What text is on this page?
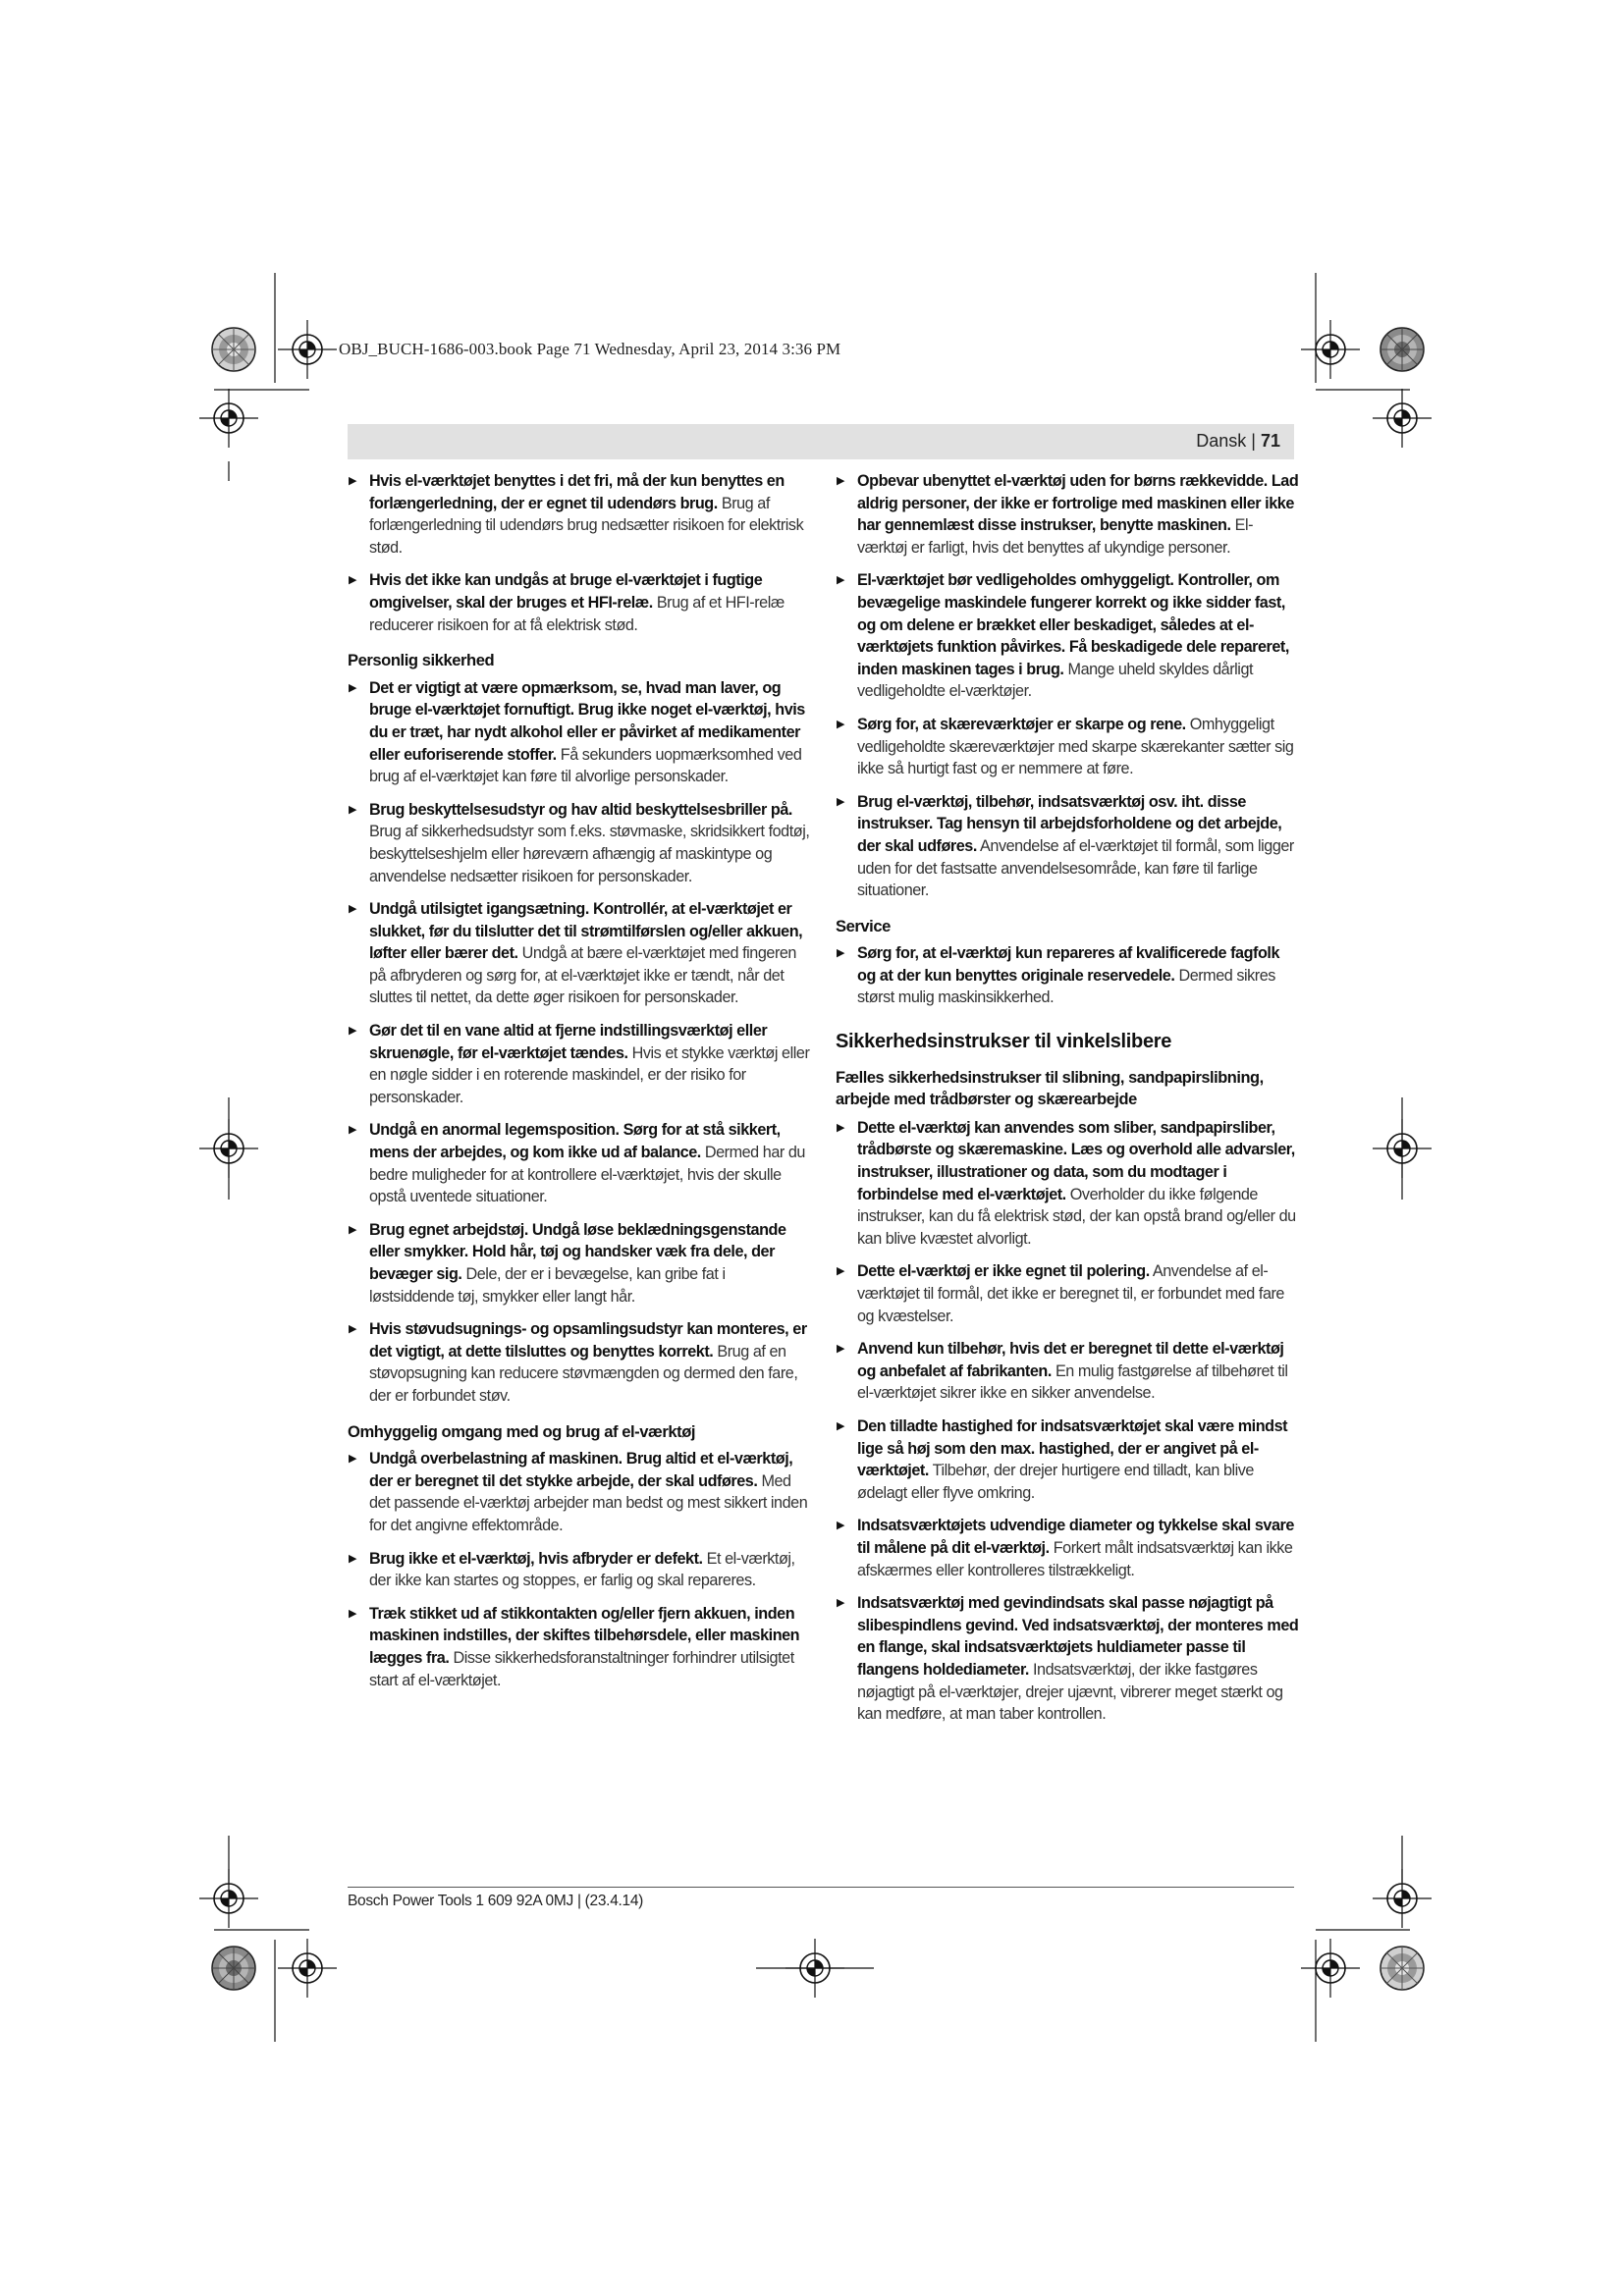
OBJ_BUCH-1686-003.book Page 71 Wednesday, April 23, 2014 3:36 PM
Dansk | 71
▶ Hvis el-værktøjet benyttes i det fri, må der kun benyttes en forlængerledning, der er egnet til udendørs brug. Brug af forlængerledning til udendørs brug nedsætter risikoen for elektrisk stød.
▶ Hvis det ikke kan undgås at bruge el-værktøjet i fugtige omgivelser, skal der bruges et HFI-relæ. Brug af et HFI-relæ reducerer risikoen for at få elektrisk stød.
Personlig sikkerhed
▶ Det er vigtigt at være opmærksom, se, hvad man laver, og bruge el-værktøjet fornuftigt. Brug ikke noget el-værktøj, hvis du er træt, har nydt alkohol eller er påvirket af medikamenter eller euforiserende stoffer. Få sekunders uopmærksomhed ved brug af el-værktøjet kan føre til alvorlige personskader.
▶ Brug beskyttelsesudstyr og hav altid beskyttelsesbriller på. Brug af sikkerhedsudstyr som f.eks. støvmaske, skridsikkert fodtøj, beskyttelseshjelm eller høreværn afhængig af maskintype og anvendelse nedsætter risikoen for personskader.
▶ Undgå utilsigtet igangsætning. Kontrollér, at el-værktøjet er slukket, før du tilslutter det til strømtilførslen og/eller akkuen, løfter eller bærer det. Undgå at bære el-værktøjet med fingeren på afbryderen og sørg for, at el-værktøjet ikke er tændt, når det sluttes til nettet, da dette øger risikoen for personskader.
▶ Gør det til en vane altid at fjerne indstillingsværktøj eller skruenøgle, før el-værktøjet tændes. Hvis et stykke værktøj eller en nøgle sidder i en roterende maskindel, er der risiko for personskader.
▶ Undgå en anormal legemsposition. Sørg for at stå sikkert, mens der arbejdes, og kom ikke ud af balance. Dermed har du bedre muligheder for at kontrollere el-værktøjet, hvis der skulle opstå uventede situationer.
▶ Brug egnet arbejdstøj. Undgå løse beklædningsgenstande eller smykker. Hold hår, tøj og handsker væk fra dele, der bevæger sig. Dele, der er i bevægelse, kan gribe fat i løstsiddende tøj, smykker eller langt hår.
▶ Hvis støvudsugnings- og opsamlingsudstyr kan monteres, er det vigtigt, at dette tilsluttes og benyttes korrekt. Brug af en støvopsugning kan reducere støvmængden og dermed den fare, der er forbundet støv.
Omhyggelig omgang med og brug af el-værktøj
▶ Undgå overbelastning af maskinen. Brug altid et el-værktøj, der er beregnet til det stykke arbejde, der skal udføres. Med det passende el-værktøj arbejder man bedst og mest sikkert inden for det angivne effektområde.
▶ Brug ikke et el-værktøj, hvis afbryder er defekt. Et el-værktøj, der ikke kan startes og stoppes, er farlig og skal repareres.
▶ Træk stikket ud af stikkontakten og/eller fjern akkuen, inden maskinen indstilles, der skiftes tilbehørsdele, eller maskinen lægges fra. Disse sikkerhedsforanstaltninger forhindrer utilsigtet start af el-værktøjet.
▶ Opbevar ubenyttet el-værktøj uden for børns rækkevidde. Lad aldrig personer, der ikke er fortrolige med maskinen eller ikke har gennemlæst disse instrukser, benytte maskinen. El-værktøj er farligt, hvis det benyttes af ukyndige personer.
▶ El-værktøjet bør vedligeholdes omhyggeligt. Kontroller, om bevægelige maskindele fungerer korrekt og ikke sidder fast, og om delene er brækket eller beskadiget, således at el-værktøjets funktion påvirkes. Få beskadigede dele repareret, inden maskinen tages i brug. Mange uheld skyldes dårligt vedligeholdte el-værktøjer.
▶ Sørg for, at skæreværktøjer er skarpe og rene. Omhyggeligt vedligeholdte skæreværktøjer med skarpe skærekanter sætter sig ikke så hurtigt fast og er nemmere at føre.
▶ Brug el-værktøj, tilbehør, indsatsværktøj osv. iht. disse instrukser. Tag hensyn til arbejdsforholdene og det arbejde, der skal udføres. Anvendelse af el-værktøjet til formål, som ligger uden for det fastsatte anvendelsesområde, kan føre til farlige situationer.
Service
▶ Sørg for, at el-værktøj kun repareres af kvalificerede fagfolk og at der kun benyttes originale reservedele. Dermed sikres størst mulig maskinsikkerhed.
Sikkerhedsinstrukser til vinkelslibere
Fælles sikkerhedsinstrukser til slibning, sandpapirslibning, arbejde med trådbørster og skærearbejde
▶ Dette el-værktøj kan anvendes som sliber, sandpapirsliber, trådbørste og skæremaskine. Læs og overhold alle advarsler, instrukser, illustrationer og data, som du modtager i forbindelse med el-værktøjet. Overholder du ikke følgende instrukser, kan du få elektrisk stød, der kan opstå brand og/eller du kan blive kvæstet alvorligt.
▶ Dette el-værktøj er ikke egnet til polering. Anvendelse af el-værktøjet til formål, det ikke er beregnet til, er forbundet med fare og kvæstelser.
▶ Anvend kun tilbehør, hvis det er beregnet til dette el-værktøj og anbefalet af fabrikanten. En mulig fastgørelse af tilbehøret til el-værktøjet sikrer ikke en sikker anvendelse.
▶ Den tilladte hastighed for indsatsværktøjet skal være mindst lige så høj som den max. hastighed, der er angivet på el-værktøjet. Tilbehør, der drejer hurtigere end tilladt, kan blive ødelagt eller flyve omkring.
▶ Indsatsværktøjets udvendige diameter og tykkelse skal svare til målene på dit el-værktøj. Forkert målt indsatsværktøj kan ikke afskærmes eller kontrolleres tilstrækkeligt.
▶ Indsatsværktøj med gevindindsats skal passe nøjagtigt på slibespindlens gevind. Ved indsatsværktøj, der monteres med en flange, skal indsatsværktøjets huldiameter passe til flangens holdediameter. Indsatsværktøj, der ikke fastgøres nøjagtigt på el-værktøjer, drejer ujævnt, vibrerer meget stærkt og kan medføre, at man taber kontrollen.
Bosch Power Tools 1 609 92A 0MJ | (23.4.14)
